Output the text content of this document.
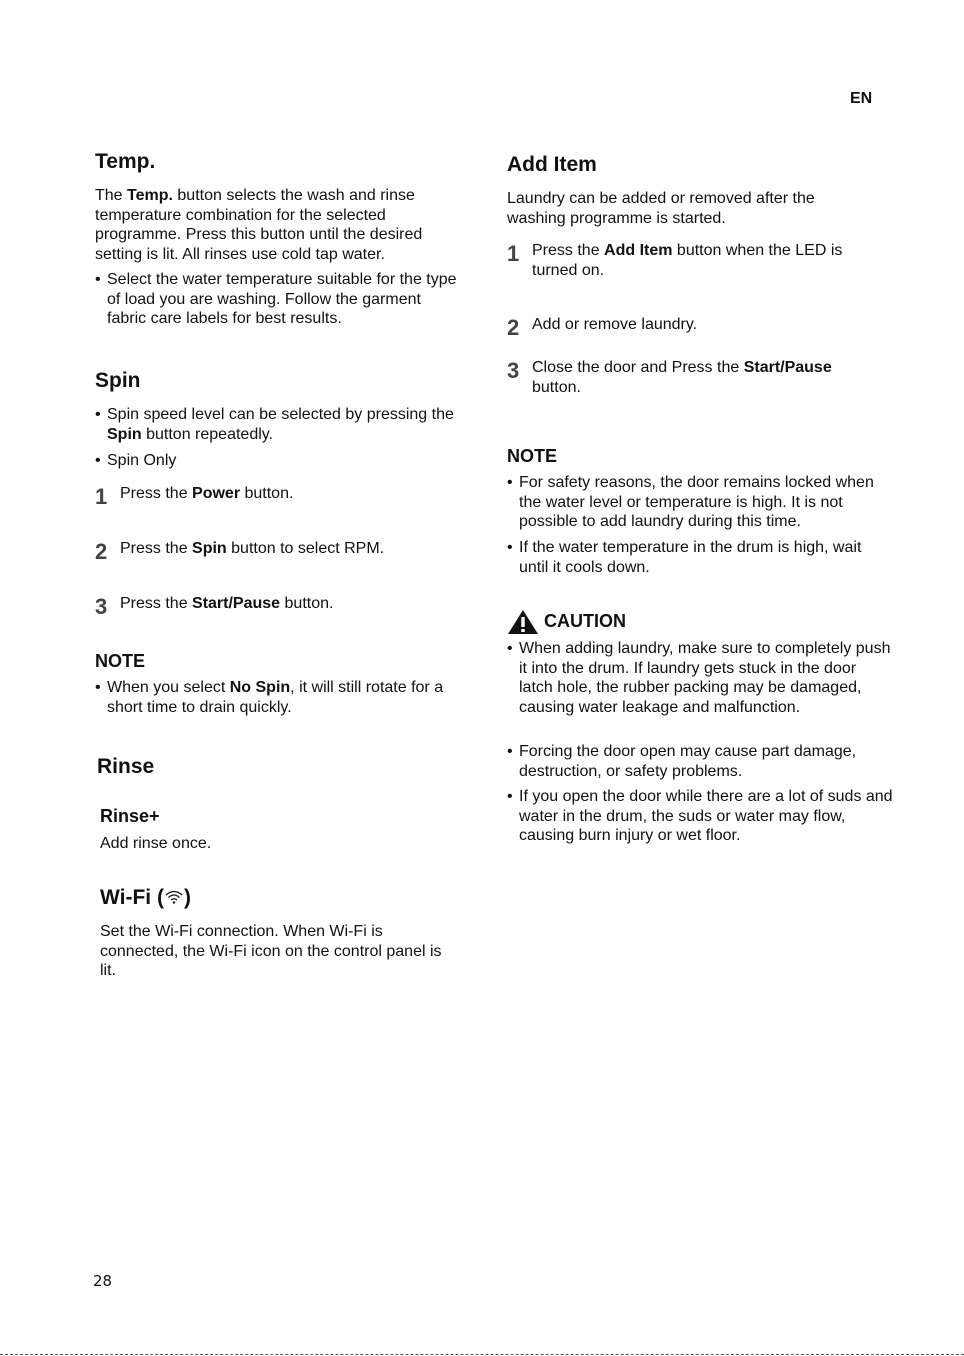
EN
28
Temp.

The Temp. button selects the wash and rinse temperature combination for the selected programme. Press this button until the desired setting is lit. All rinses use cold tap water.

• Select the water temperature suitable for the type of load you are washing. Follow the garment fabric care labels for best results.

Spin

• Spin speed level can be selected by pressing the Spin button repeatedly.

• Spin Only

1 Press the Power button.
2 Press the Spin button to select RPM.
3 Press the Start/Pause button.
NOTE

• When you select No Spin, it will still rotate for a short time to drain quickly.

Rinse
Rinse+

Add rinse once.

Wi-Fi ( )

Set the Wi-Fi connection. When Wi-Fi is connected, the Wi-Fi icon on the control panel is lit.

Add Item

Laundry can be added or removed after the washing programme is started.

1 Press the Add Item button when the LED is turned on.
2 Add or remove laundry.
3 Close the door and Press the Start/Pause button.
NOTE

• For safety reasons, the door remains locked when the water level or temperature is high. It is not possible to add laundry during this time.

• If the water temperature in the drum is high, wait until it cools down.

CAUTION

• When adding laundry, make sure to completely push it into the drum. If laundry gets stuck in the door latch hole, the rubber packing may be damaged, causing water leakage and malfunction.

• Forcing the door open may cause part damage, destruction, or safety problems.

• If you open the door while there are a lot of suds and water in the drum, the suds or water may flow, causing burn injury or wet floor.
